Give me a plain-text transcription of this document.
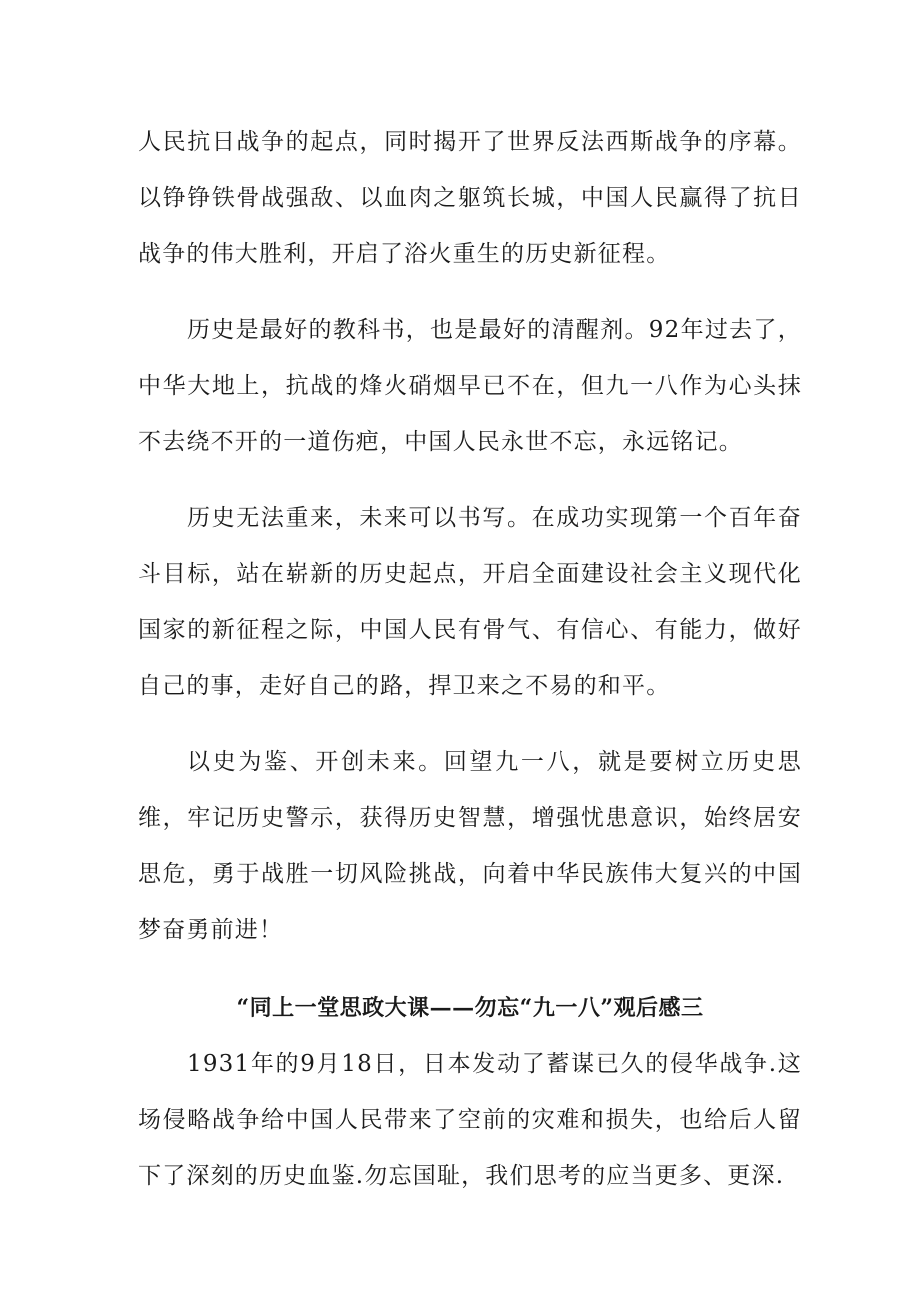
人民抗日战争的起点，同时揭开了世界反法西斯战争的序幕。以铮铮铁骨战强敌、以血肉之躯筑长城，中国人民赢得了抗日战争的伟大胜利，开启了浴火重生的历史新征程。

历史是最好的教科书，也是最好的清醒剂。92年过去了，中华大地上，抗战的烽火硝烟早已不在，但九一八作为心头抹不去绕不开的一道伤疤，中国人民永世不忘，永远铭记。

历史无法重来，未来可以书写。在成功实现第一个百年奋斗目标，站在崭新的历史起点，开启全面建设社会主义现代化国家的新征程之际，中国人民有骨气、有信心、有能力，做好自己的事，走好自己的路，捍卫来之不易的和平。

以史为鉴、开创未来。回望九一八，就是要树立历史思维，牢记历史警示，获得历史智慧，增强忧患意识，始终居安思危，勇于战胜一切风险挑战，向着中华民族伟大复兴的中国梦奋勇前进！

“同上一堂思政大课——勿忘“九一八”观后感三

1931年的9月18日，日本发动了蓄谋已久的侵华战争.这场侵略战争给中国人民带来了空前的灾难和损失，也给后人留下了深刻的历史血鉴.勿忘国耻，我们思考的应当更多、更深.
